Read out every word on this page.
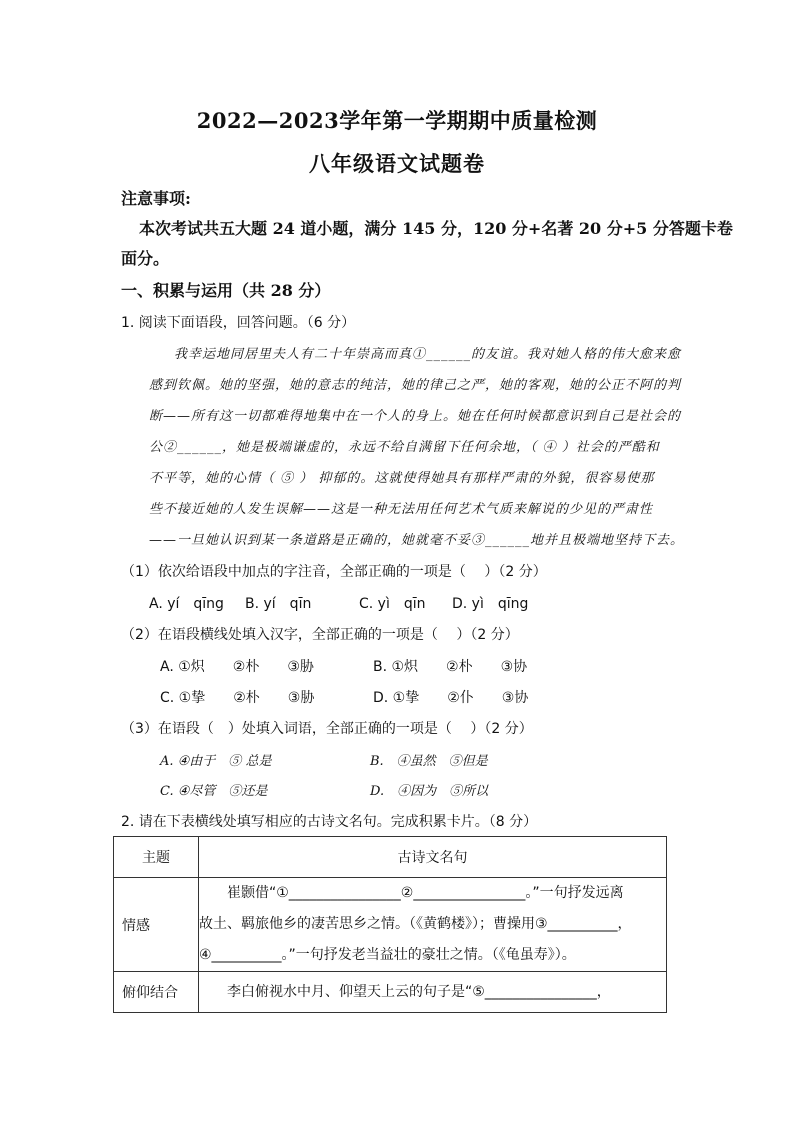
2022—2023学年第一学期期中质量检测
八年级语文试题卷
注意事项:
本次考试共五大题 24 道小题，满分 145 分，120 分+名著 20 分+5 分答题卡卷
面分。
一、积累与运用（共 28 分）
1. 阅读下面语段，回答问题。（6 分）
我幸运地同居里夫人有二十年崇高而真①______的友谊。我对她人格的伟大愈来愈
感到钦佩。她的坚强，她的意志的纯洁，她的律己之严，她的客观，她的公正不阿的判
断——所有这一切都难得地集中在一个人的身上。她在任何时候都意识到自己是社会的
公②______，她是极端谦虚的，永远不给自满留下任何余地，（ ④ ）社会的严酷和
不平等，她的心情（ ⑤ ） 抑郁的。这就使得她具有那样严肃的外貌，很容易使那
些不接近她的人发生误解——这是一种无法用任何艺术气质来解说的少见的严肃性
——一旦她认识到某一条道路是正确的，她就毫不妥③______地并且极端地坚持下去。
（1）依次给语段中加点的字注音，全部正确的一项是（　 ）（2 分）
A. yí　qīng B. yí　qīn	C. yì　qīn D. yì　qīng
（2）在语段横线处填入汉字，全部正确的一项是（　 ）（2 分）
A. ①炽　　②朴　　③胁	B. ①炽　　②朴　　③协
C. ①挚　　②朴　　③胁	D. ①挚　　②仆　　③协
（3）在语段（　）处填入词语，全部正确的一项是（　 ）（2 分）
A. ④由于　⑤ 总是	B.　④虽然　⑤但是
C. ④尽管　⑤还是	D.　④因为　⑤所以
2. 请在下表横线处填写相应的古诗文名句。完成积累卡片。（8 分）
主题	古诗文名句
情感	崔颢借“①________________②________________。”一句抒发远离
故土、羁旅他乡的凄苦思乡之情。（《黄鹤楼》）；曹操用③__________，
④__________。”一句抒发老当益壮的豪壮之情。（《龟虽寿》）。

俯仰结合	李白俯视水中月、仰望天上云的句子是“⑤________________，
